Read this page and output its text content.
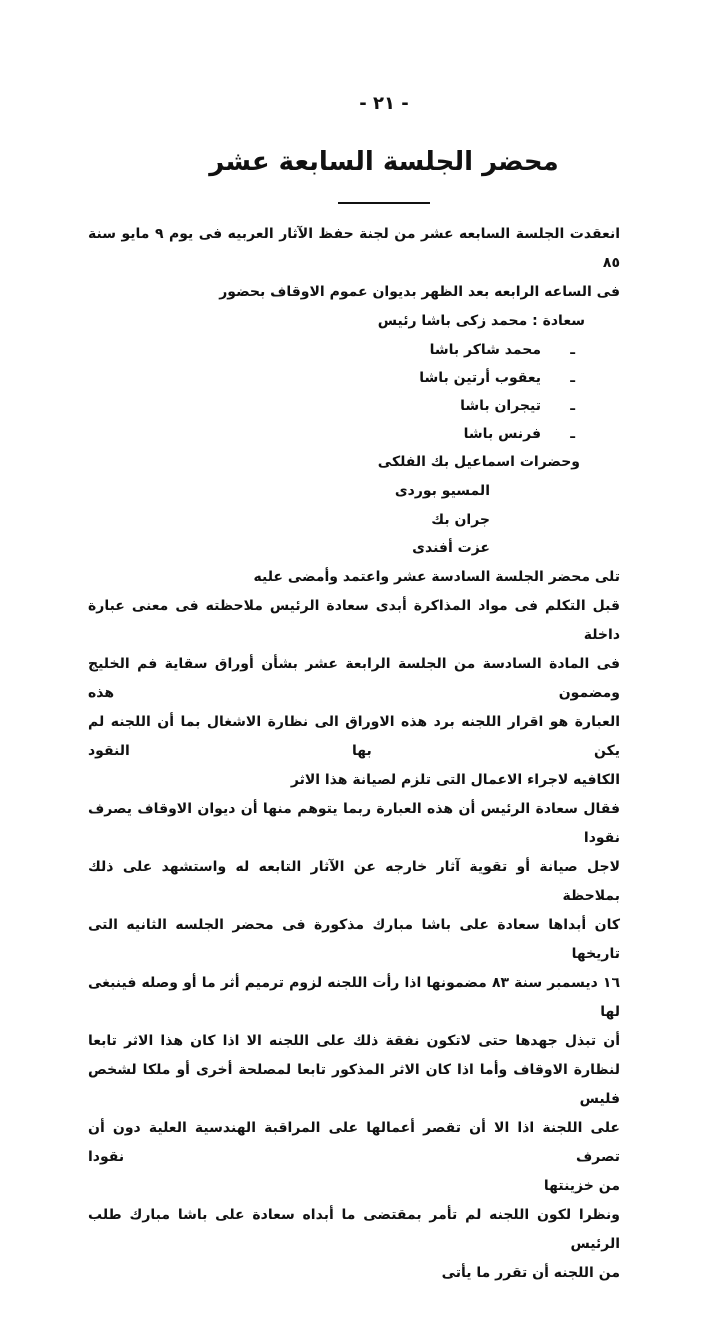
- ٢١ -
محضر الجلسة السابعة عشر
انعقدت الجلسة السابعه عشر من لجنة حفظ الآثار العربيه فى يوم ٩ مايو سنة ٨٥
فى الساعه الرابعه بعد الظهر بديوان عموم الاوقاف بحضور
سعادة : محمد زكى باشا رئيس
ـمحمد شاكر باشا
ـيعقوب أرتين باشا
ـتيجران باشا
ـفرنس باشا
وحضرات اسماعيل بك الفلكى
المسيو بوردى
جران بك
عزت أفندى
تلى محضر الجلسة السادسة عشر واعتمد وأمضى عليه
قبل التكلم فى مواد المذاكرة أبدى سعادة الرئيس ملاحظته فى معنى عبارة داخلة
فى المادة السادسة من الجلسة الرابعة عشر بشأن أوراق سقاية فم الخليج ومضمون هذه
العبارة هو اقرار اللجنه برد هذه الاوراق الى نظارة الاشغال بما أن اللجنه لم يكن بها النقود
الكافيه لاجراء الاعمال التى تلزم لصيانة هذا الاثر
فقال سعادة الرئيس أن هذه العبارة ربما يتوهم منها أن ديوان الاوقاف يصرف نقودا
لاجل صيانة أو تقوية آثار خارجه عن الآثار التابعه له واستشهد على ذلك بملاحظة
كان أبداها سعادة على باشا مبارك مذكورة فى محضر الجلسه الثانيه التى تاريخها
١٦ ديسمبر سنة ٨٣ مضمونها اذا رأت اللجنه لزوم ترميم أثر ما أو وصله فينبغى لها
أن تبذل جهدها حتى لاتكون نفقة ذلك على اللجنه الا اذا كان هذا الاثر تابعا
لنظارة الاوقاف وأما اذا كان الاثر المذكور تابعا لمصلحة أخرى أو ملكا لشخص فليس
على اللجنة اذا الا أن تقصر أعمالها على المراقبة الهندسية العلية دون أن تصرف نقودا
من خزينتها
ونظرا لكون اللجنه لم تأمر بمقتضى ما أبداه سعادة على باشا مبارك طلب الرئيس
من اللجنه أن تقرر ما يأتى
